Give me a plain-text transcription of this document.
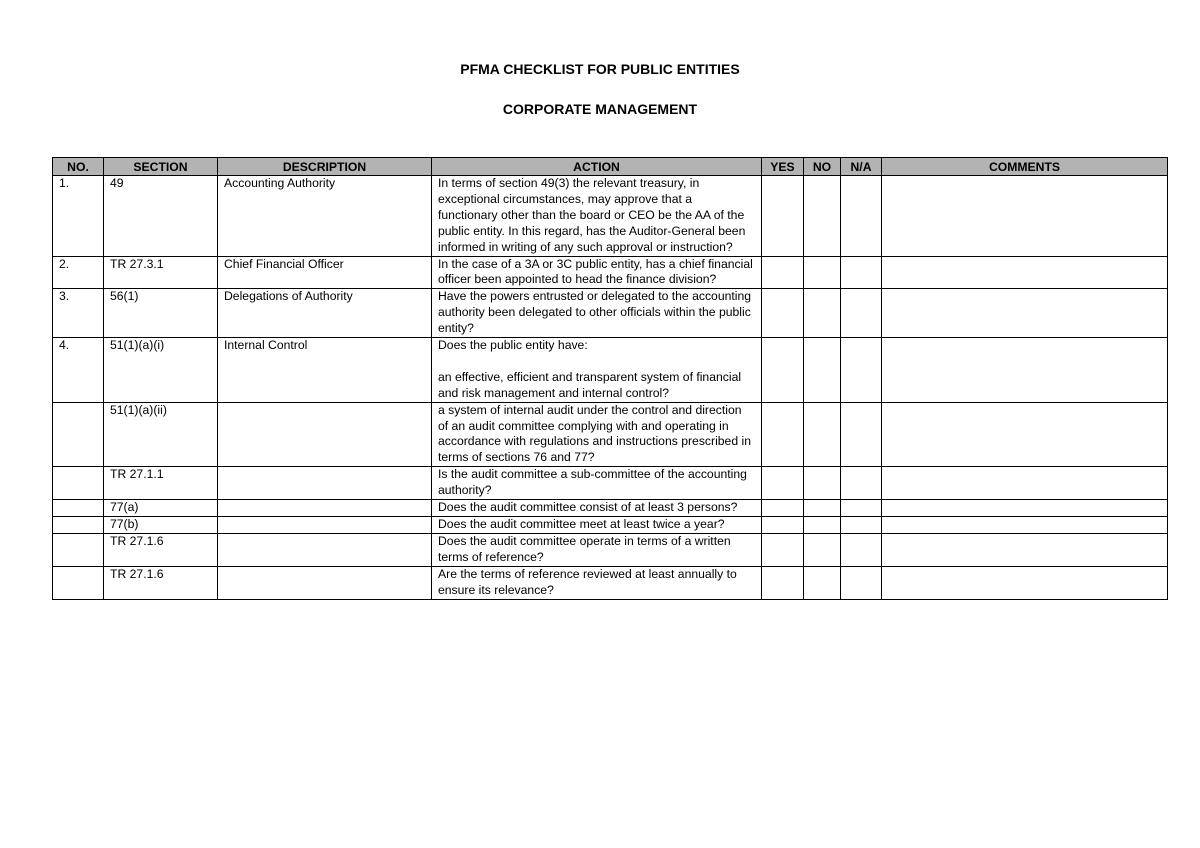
PFMA CHECKLIST FOR PUBLIC ENTITIES
CORPORATE MANAGEMENT
NO.	SECTION	DESCRIPTION	ACTION	YES	NO	N/A	COMMENTS
1.	49	Accounting Authority	In terms of section 49(3) the relevant treasury, in exceptional circumstances, may approve that a functionary other than the board or CEO be the AA of the public entity. In this regard, has the Auditor-General been informed in writing of any such approval or instruction?				
2.	TR 27.3.1	Chief Financial Officer	In the case of a 3A or 3C public entity, has a chief financial officer been appointed to head the finance division?				
3.	56(1)	Delegations of Authority	Have the powers entrusted or delegated to the accounting authority been delegated to other officials within the public entity?				
4.	51(1)(a)(i)	Internal Control	Does the public entity have:
an effective, efficient and transparent system of financial and risk management and internal control?				
	51(1)(a)(ii)		a system of internal audit under the control and direction of an audit committee complying with and operating in accordance with regulations and instructions prescribed in terms of sections 76 and 77?				
	TR 27.1.1		Is the audit committee a sub-committee of the accounting authority?				
	77(a)		Does the audit committee consist of at least 3 persons?				
	77(b)		Does the audit committee meet at least twice a year?				
	TR 27.1.6		Does the audit committee operate in terms of a written terms of reference?				
	TR 27.1.6		Are the terms of reference reviewed at least annually to ensure its relevance?				
